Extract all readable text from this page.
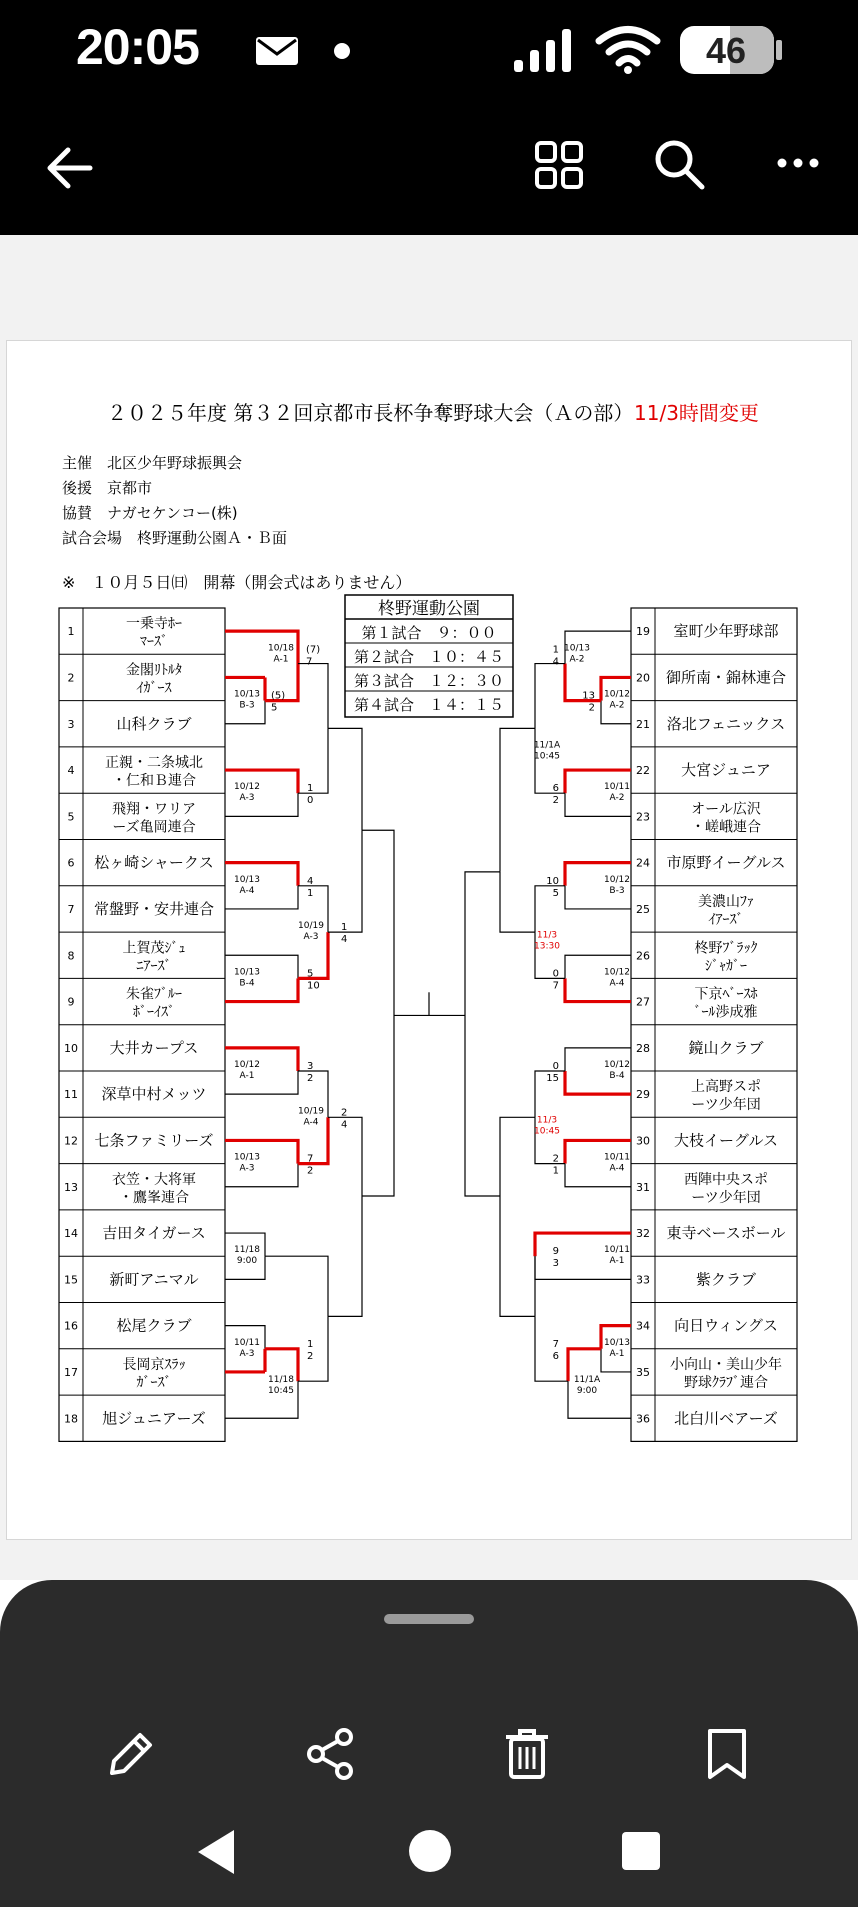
20:05	46
２０２５年度 第３２回京都市長杯争奪野球大会（Ａの部） 11/3時間変更
主催　北区少年野球振興会
後援　京都市
協賛　ナガセケンコー(株)
試合会場　柊野運動公園Ａ・Ｂ面
※　１０月５日㈰　開幕（開会式はありません）
柊野運動公園
第１試合　９：００
第２試合　１０：４５
第３試合　１２：３０
第４試合　１４：１５
1	一乗寺ﾎｰﾏｰｽﾞ
2	金閣ﾘﾄﾙﾀｲｶﾞｰｽ
3	山科クラブ
4 正親・二条城北・仁和Ｂ連合
5	飛翔・ワリアーズ亀岡連合
6 松ヶ崎シャークス
7 常盤野・安井連合
8	上賀茂ｼﾞｭﾆｱｰｽﾞ
9	朱雀ﾌﾞﾙｰﾎﾞｰｲｽﾞ
10 大井カープス
11 深草中村メッツ
12 七条ファミリーズ
13 衣笠・大将軍・鷹峯連合
14 吉田タイガース
15 新町アニマル
16	松尾クラブ
17	長岡京ｽﾗｯｶﾞｰｽﾞ
18 旭ジュニアーズ
19 室町少年野球部
20 御所南・錦林連合
21 洛北フェニックス
22 大宮ジュニア
23	オール広沢・嵯峨連合
24 市原野イーグルス
25	美濃山ﾌｧｲｱｰｽﾞ
26	柊野ﾌﾞﾗｯｸｼﾞｬｶﾞｰ
27	下京ﾍﾞｰｽﾎﾞｰﾙ渉成雅
28	鏡山クラブ
29	上高野スポーツ少年団
30 大枝イーグルス
31 西陣中央スポーツ少年団
32 東寺ベースボール
33	紫クラブ
34 向日ウィングス
35 小向山・美山少年野球ｸﾗﾌﾞ連合
36 北白川ベアーズ
10/13
B-3
(5)
5
10/18
A-1
(7)
7
10/12
A-3
1
0
10/13
A-4
4
1
10/13
B-4
5
10
10/19
A-3
1
4
10/12
A-1
3
2
10/13
A-3
7
2
10/19
A-4
2
4
11/18
9:00
10/11
A-3
1
2
11/18
10:45
10/13
A-2
1
4
10/12
A-2
13
2
11/1A
10:45
10/11
A-2
6
2
10/12
B-3
10
5
10/12
A-4
0
7
11/3
13:30
10/12
B-4
0
15
10/11
A-4
2
1
11/3
10:45
10/11
A-1
9
3
10/13
A-1
7
6
11/1A
9:00
